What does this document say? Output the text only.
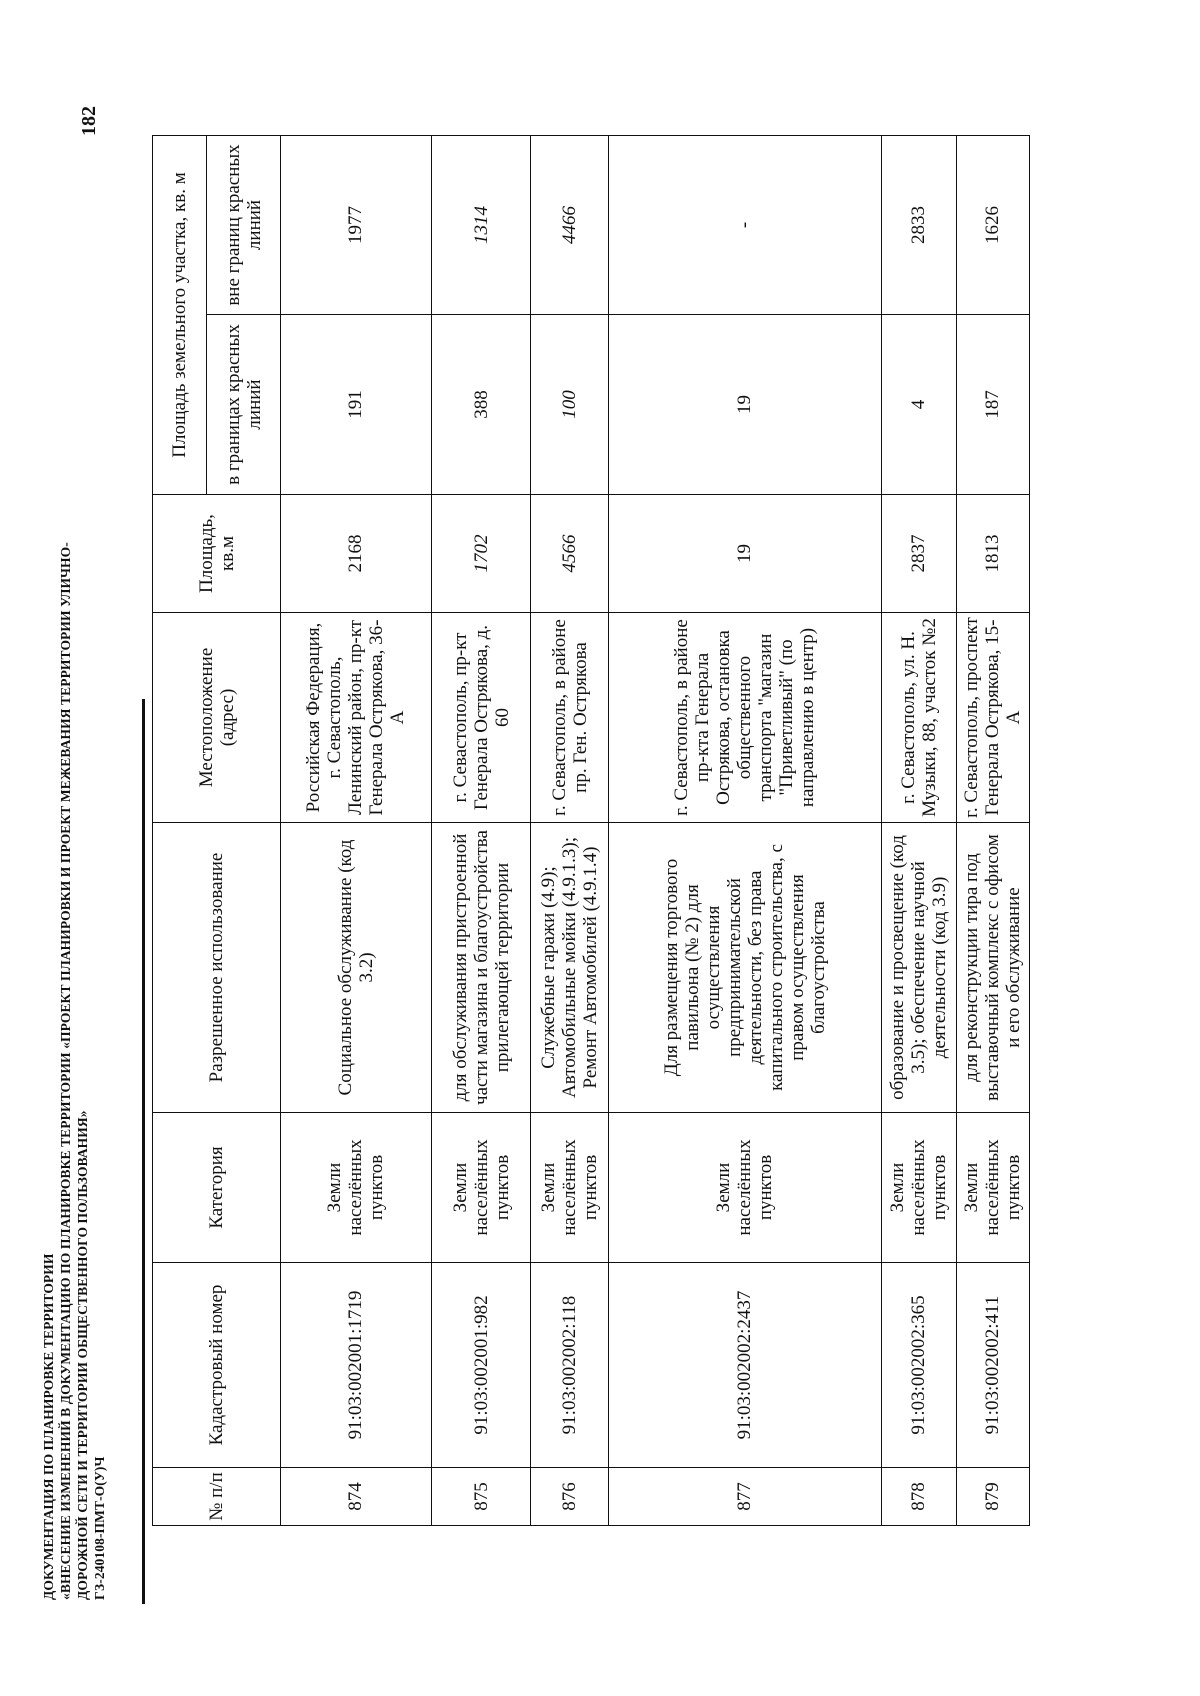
ДОКУМЕНТАЦИЯ ПО ПЛАНИРОВКЕ ТЕРРИТОРИИ «ВНЕСЕНИЕ ИЗМЕНЕНИЙ В ДОКУМЕНТАЦИЮ ПО ПЛАНИРОВКЕ ТЕРРИТОРИИ «ПРОЕКТ ПЛАНИРОВКИ И ПРОЕКТ МЕЖЕВАНИЯ ТЕРРИТОРИИ УЛИЧНО- ДОРОЖНОЙ СЕТИ И ТЕРРИТОРИИ ОБЩЕСТВЕННОГО ПОЛЬЗОВАНИЯ» ГЗ-240108-ПМТ-О(У)Ч
182
№ п/п	Кадастровый номер	Категория	Разрешенное использование	Местоположение (адрес)	Площадь, кв.м	Площадь земельного участка, кв. м	
						в границах красных линий	вне границ красных линий
874	91:03:002001:1719	Земли населённых пунктов	Социальное обслуживание (код 3.2)	Российская Федерация, г. Севастополь, Ленинский район, пр-кт Генерала Острякова, 36-А	2168	191	1977
875	91:03:002001:982	Земли населённых пунктов	для обслуживания пристроенной части магазина и благоустройства прилегающей территории	г. Севастополь, пр-кт Генерала Острякова, д. 60	1702	388	1314
876	91:03:002002:118	Земли населённых пунктов	Служебные гаражи (4.9); Автомобильные мойки (4.9.1.3); Ремонт Автомобилей (4.9.1.4)	г. Севастополь, в районе пр. Ген. Острякова	4566	100	4466
877	91:03:002002:2437	Земли населённых пунктов	Для размещения торгового павильона (№ 2) для осуществления предпринимательской деятельности, без права капитального строительства, с правом осуществления благоустройства	г. Севастополь, в районе пр-кта Генерала Острякова, остановка общественного транспорта "магазин "Приветливый" (по направлению в центр)	19	19	-
878	91:03:002002:365	Земли населённых пунктов	образование и просвещение (код 3.5); обеспечение научной деятельности (код 3.9)	г. Севастополь, ул. Н. Музыки, 88, участок №2	2837	4	2833
879	91:03:002002:411	Земли населённых пунктов	для реконструкции тира под выставочный комплекс с офисом и его обслуживание	г. Севастополь, проспект Генерала Острякова, 15-А	1813	187	1626
